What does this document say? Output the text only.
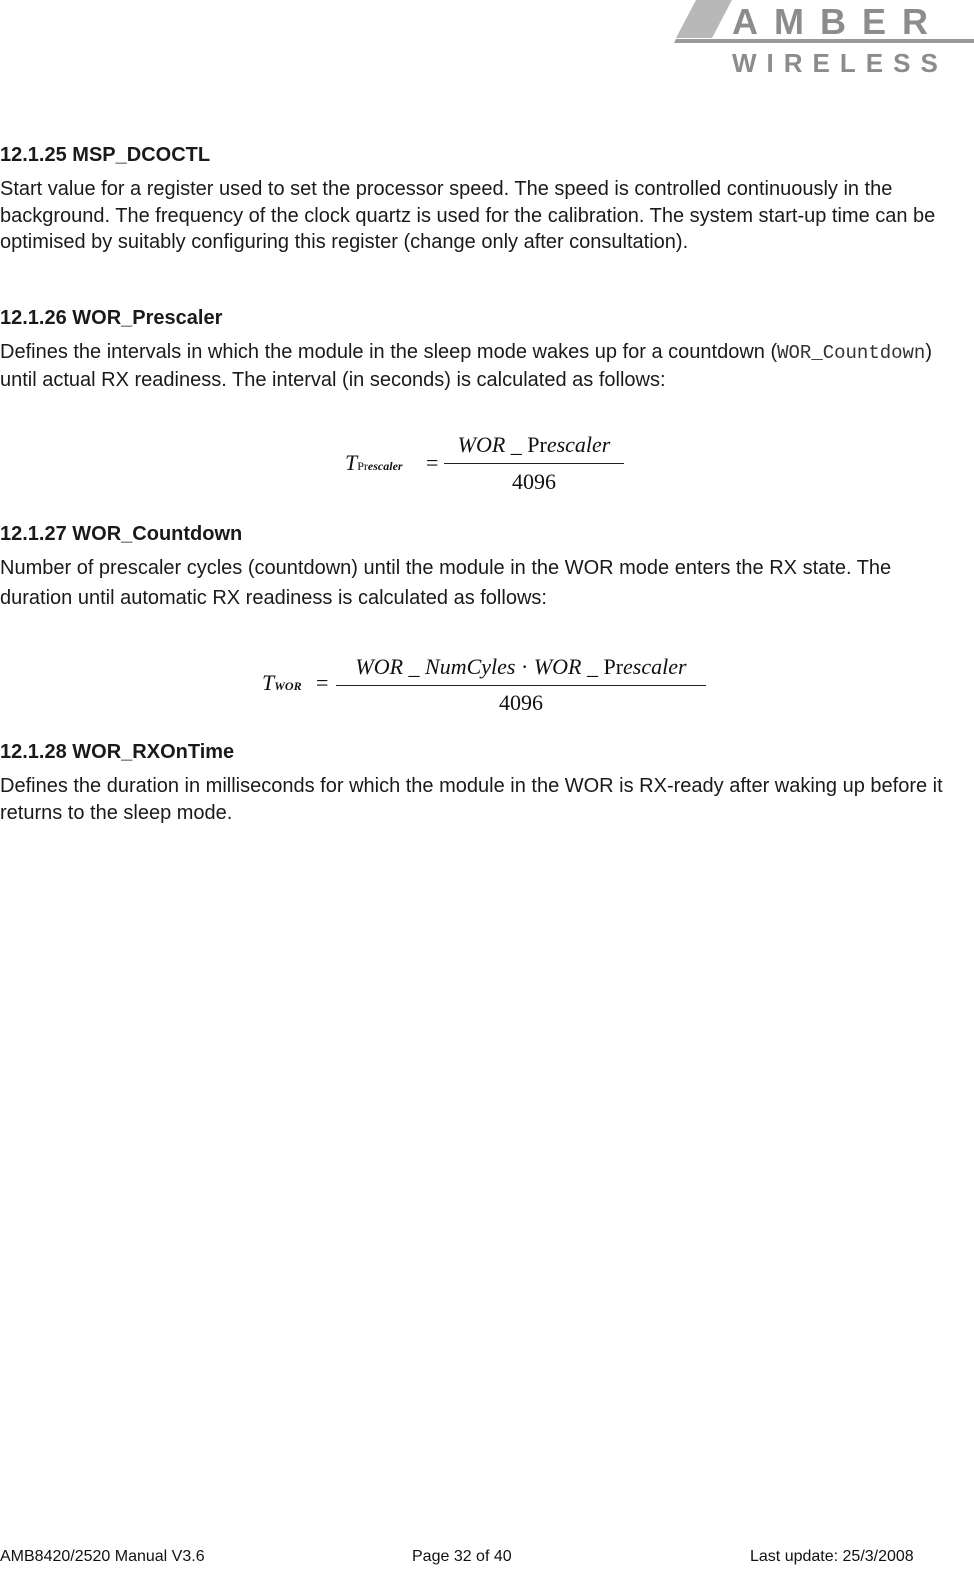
AMBER
WIRELESS
12.1.25 MSP_DCOCTL

Start value for a register used to set the processor speed. The speed is controlled continuously in the background. The frequency of the clock quartz is used for the calibration. The system start-up time can be optimised by suitably configuring this register (change only after consultation).

12.1.26 WOR_Prescaler

Defines the intervals in which the module in the sleep mode wakes up for a countdown (WOR_Countdown) until actual RX readiness. The interval (in seconds) is calculated as follows:

TPrescaler =
WOR _ Prescaler
4096
12.1.27 WOR_Countdown

Number of prescaler cycles (countdown) until the module in the WOR mode enters the RX state. The duration until automatic RX readiness is calculated as follows:

TWOR =
WOR _ NumCyles · WOR _ Prescaler
4096
12.1.28 WOR_RXOnTime

Defines the duration in milliseconds for which the module in the WOR is RX-ready after waking up before it returns to the sleep mode.

AMB8420/2520 Manual V3.6	Page 32 of 40	Last update: 25/3/2008
